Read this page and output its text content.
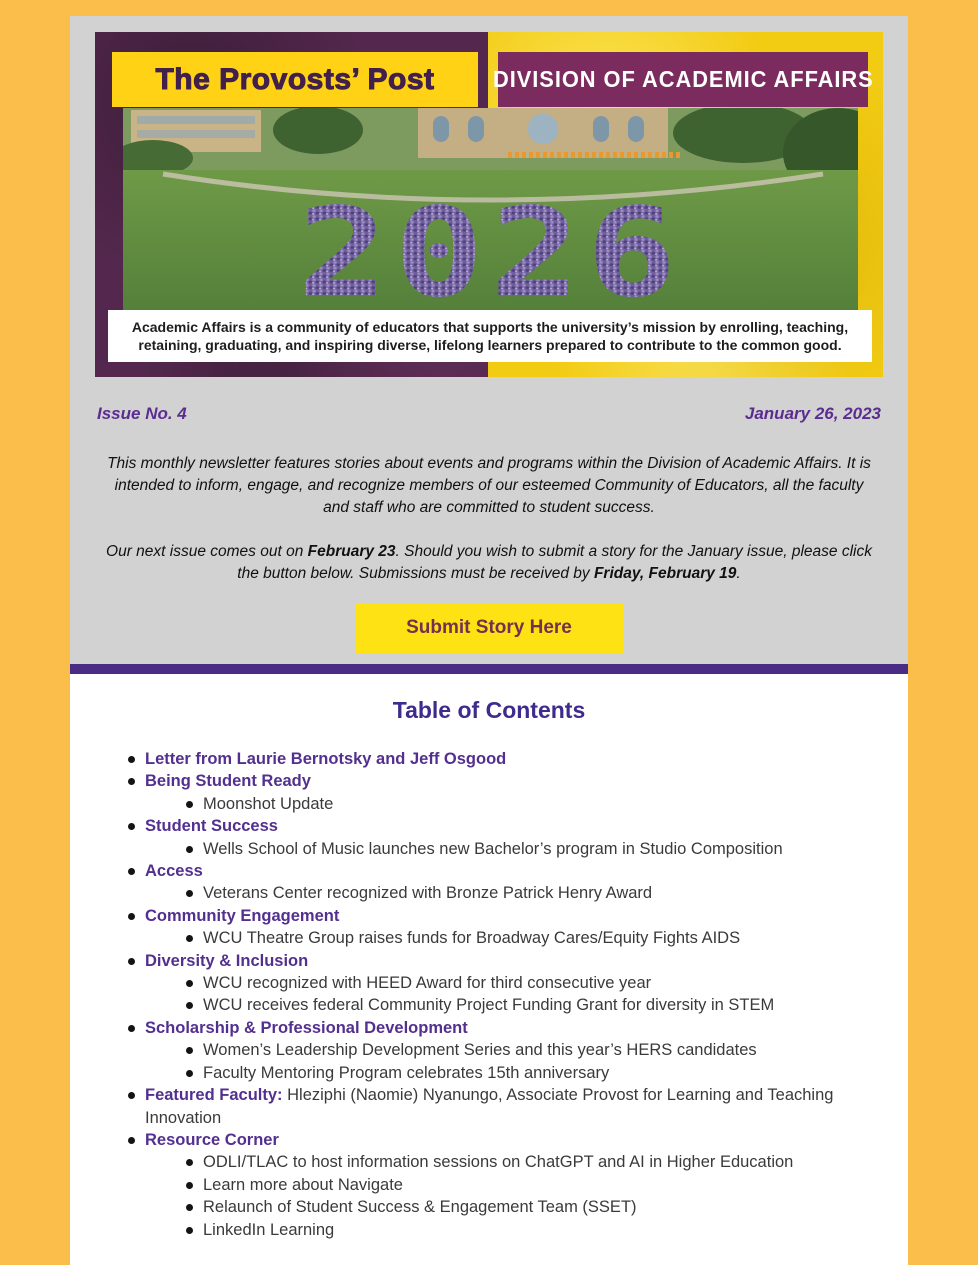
The Provosts’ Post	DIVISION OF ACADEMIC AFFAIRS
2026
Academic Affairs is a community of educators that supports the university’s mission by enrolling, teaching, retaining, graduating, and inspiring diverse, lifelong learners prepared to contribute to the common good.
Issue No. 4	January 26, 2023

This monthly newsletter features stories about events and programs within the Division of Academic Affairs. It is intended to inform, engage, and recognize members of our esteemed Community of Educators, all the faculty and staff who are committed to student success.

Our next issue comes out on February 23. Should you wish to submit a story for the January issue, please click the button below. Submissions must be received by Friday, February 19.

Submit Story Here
Table of Contents
Letter from Laurie Bernotsky and Jeff Osgood
Being Student Ready
Moonshot Update
Student Success
Wells School of Music launches new Bachelor’s program in Studio Composition
Access
Veterans Center recognized with Bronze Patrick Henry Award
Community Engagement
WCU Theatre Group raises funds for Broadway Cares/Equity Fights AIDS
Diversity & Inclusion
WCU recognized with HEED Award for third consecutive year
WCU receives federal Community Project Funding Grant for diversity in STEM
Scholarship & Professional Development
Women’s Leadership Development Series and this year’s HERS candidates
Faculty Mentoring Program celebrates 15th anniversary
Featured Faculty: Hleziphi (Naomie) Nyanungo, Associate Provost for Learning and Teaching Innovation
Resource Corner
ODLI/TLAC to host information sessions on ChatGPT and AI in Higher Education
Learn more about Navigate
Relaunch of Student Success & Engagement Team (SSET)
LinkedIn Learning
